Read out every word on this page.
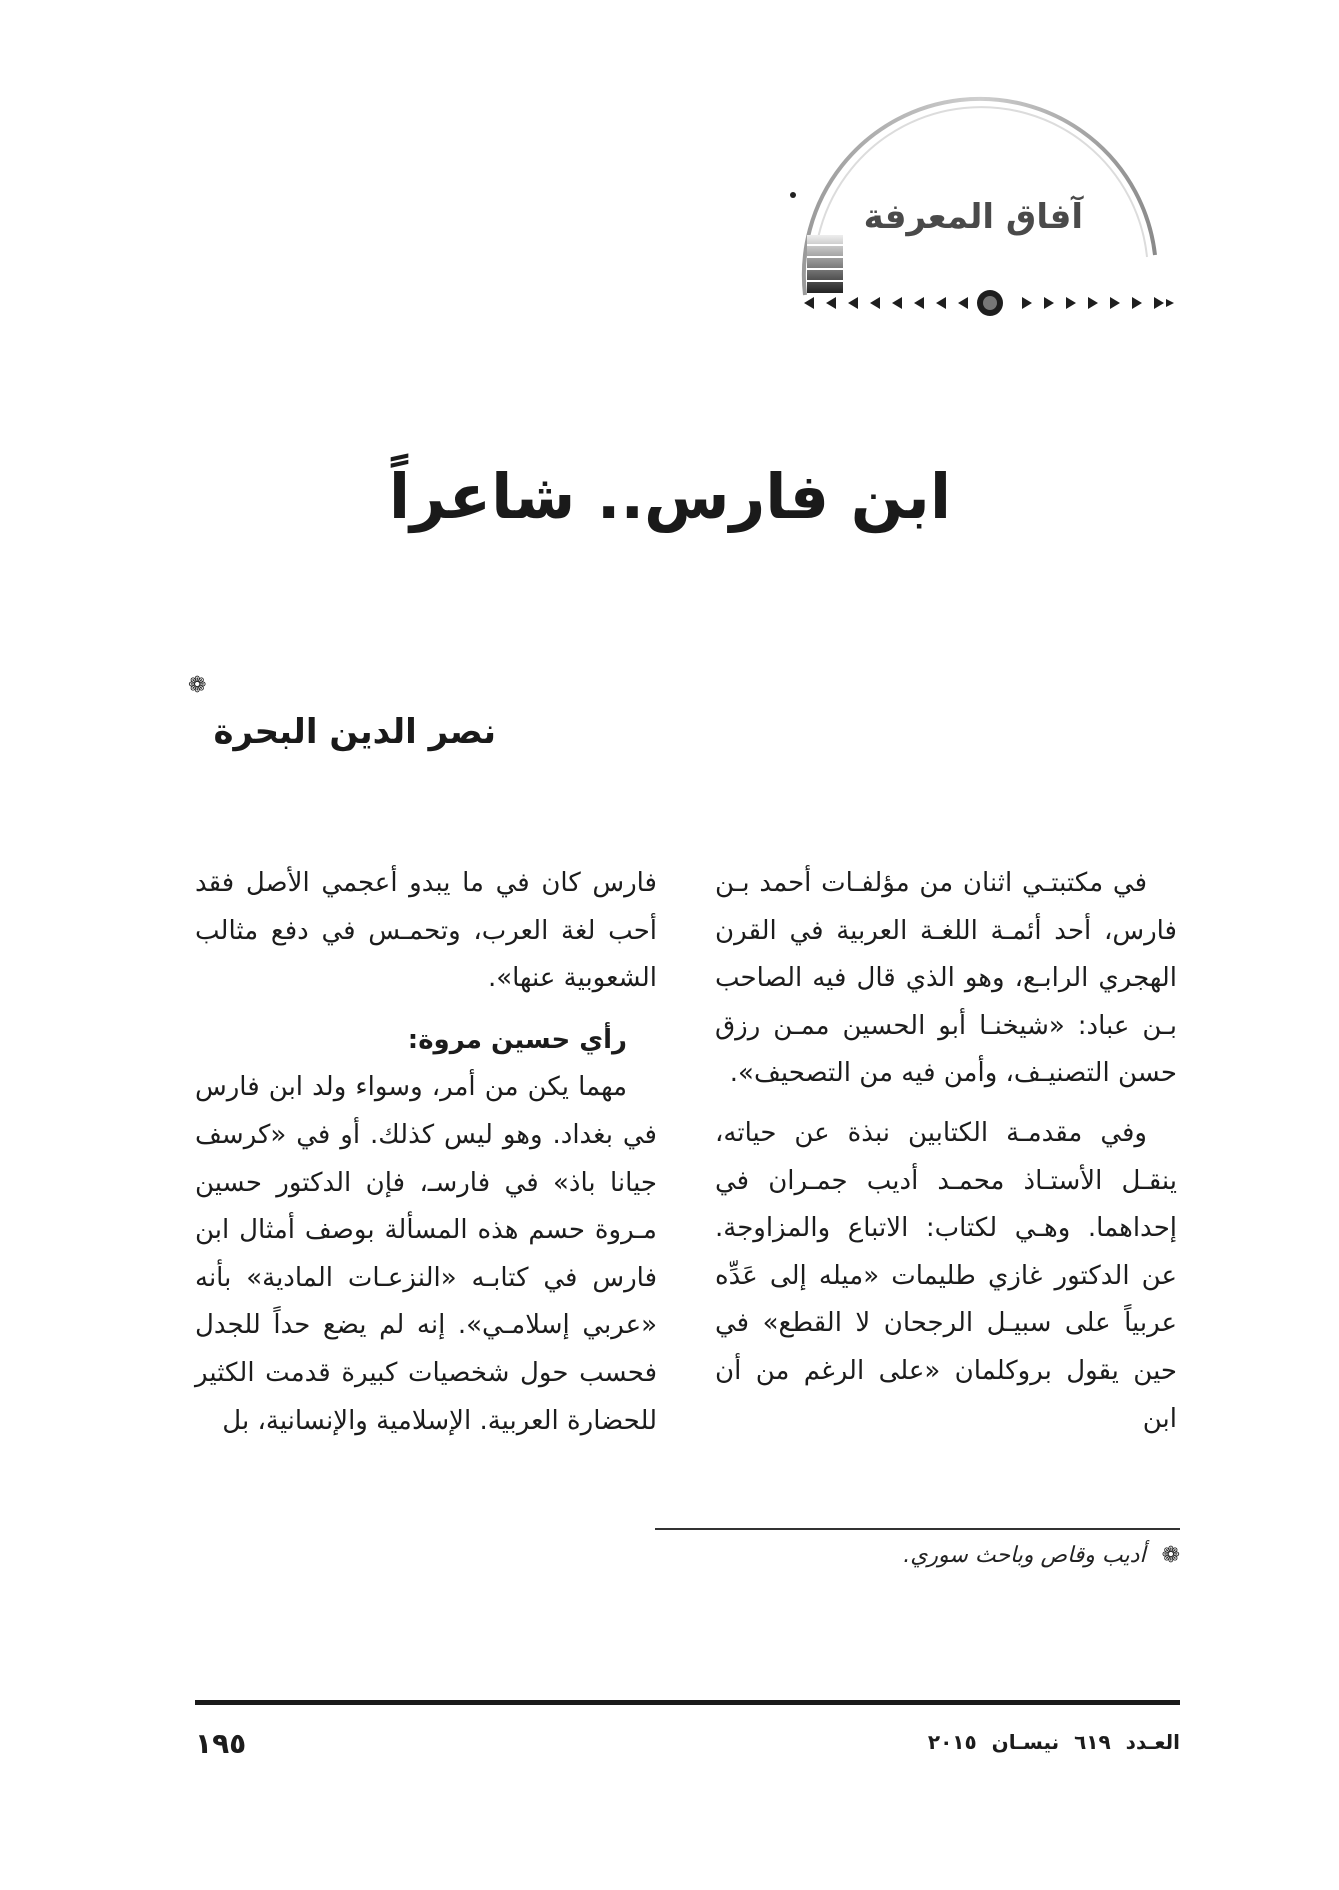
آفاق المعرفة
ابن فارس.. شاعراً
❁
نصر الدين البحرة

في مكتبتـي اثنان من مؤلفـات أحمد بـن فارس، أحد أئمـة اللغـة العربية في القرن الهجري الرابـع، وهو الذي قال فيه الصاحب بـن عباد: «شيخنـا أبو الحسين ممـن رزق حسن التصنيـف، وأمن فيه من التصحيف».

وفي مقدمـة الكتابين نبذة عن حياته، ينقـل الأستـاذ محمـد أديب جمـران في إحداهما. وهـي لكتاب: الاتباع والمزاوجة. عن الدكتور غازي طليمات «ميله إلى عَدِّه عربياً على سبيـل الرجحان لا القطع» في حين يقول بروكلمان «على الرغم من أن ابن

فارس كان في ما يبدو أعجمي الأصل فقد أحب لغة العرب، وتحمـس في دفع مثالب الشعوبية عنها».

رأي حسين مروة:

مهما يكن من أمر، وسواء ولد ابن فارس في بغداد. وهو ليس كذلك. أو في «كرسف جيانا باذ» في فارسـ، فإن الدكتور حسين مـروة حسم هذه المسألة بوصف أمثال ابن فارس في كتابـه «النزعـات المادية» بأنه «عربي إسلامـي». إنه لم يضع حداً للجدل فحسب حول شخصيات كبيرة قدمت الكثير للحضارة العربية. الإسلامية والإنسانية، بل

❁أديب وقاص وباحث سوري.
١٩٥	العـدد ٦١٩ نيسـان ٢٠١٥
